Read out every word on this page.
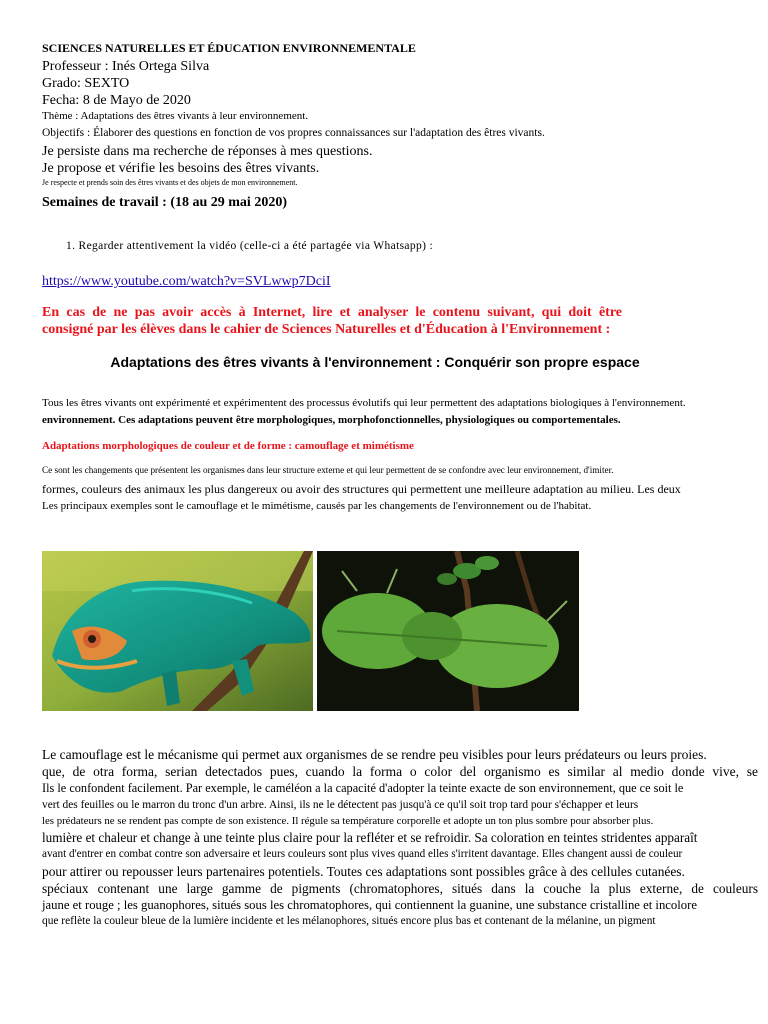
SCIENCES NATURELLES ET ÉDUCATION ENVIRONNEMENTALE
Professeur : Inés Ortega Silva
Grado: SEXTO
Fecha: 8 de Mayo de 2020
Thème : Adaptations des êtres vivants à leur environnement.
Objectifs : Élaborer des questions en fonction de vos propres connaissances sur l'adaptation des êtres vivants.
Je persiste dans ma recherche de réponses à mes questions.
Je propose et vérifie les besoins des êtres vivants.
Je respecte et prends soin des êtres vivants et des objets de mon environnement.
Semaines de travail : (18 au 29 mai 2020)
1. Regarder attentivement la vidéo (celle-ci a été partagée via Whatsapp) :
https://www.youtube.com/watch?v=SVLwwp7DciI
En cas de ne pas avoir accès à Internet, lire et analyser le contenu suivant, qui doit être
consigné par les élèves dans le cahier de Sciences Naturelles et d'Éducation à l'Environnement :
Adaptations des êtres vivants à l'environnement : Conquérir son propre espace
Tous les êtres vivants ont expérimenté et expérimentent des processus évolutifs qui leur permettent des adaptations biologiques à l'environnement.
environnement. Ces adaptations peuvent être morphologiques, morphofonctionnelles, physiologiques ou comportementales.
Adaptations morphologiques de couleur et de forme : camouflage et mimétisme
Ce sont les changements que présentent les organismes dans leur structure externe et qui leur permettent de se confondre avec leur environnement, d'imiter.
formes, couleurs des animaux les plus dangereux ou avoir des structures qui permettent une meilleure adaptation au milieu. Les deux
Les principaux exemples sont le camouflage et le mimétisme, causés par les changements de l'environnement ou de l'habitat.
Le camouflage est le mécanisme qui permet aux organismes de se rendre peu visibles pour leurs prédateurs ou leurs proies.
que, de otra forma, serian detectados pues, cuando la forma o color del organismo es similar al medio donde vive, se
Ils le confondent facilement. Par exemple, le caméléon a la capacité d'adopter la teinte exacte de son environnement, que ce soit le
vert des feuilles ou le marron du tronc d'un arbre. Ainsi, ils ne le détectent pas jusqu'à ce qu'il soit trop tard pour s'échapper et leurs
les prédateurs ne se rendent pas compte de son existence. Il régule sa température corporelle et adopte un ton plus sombre pour absorber plus.
lumière et chaleur et change à une teinte plus claire pour la refléter et se refroidir. Sa coloration en teintes stridentes apparaît
avant d'entrer en combat contre son adversaire et leurs couleurs sont plus vives quand elles s'irritent davantage. Elles changent aussi de couleur
pour attirer ou repousser leurs partenaires potentiels. Toutes ces adaptations sont possibles grâce à des cellules cutanées.
spéciaux contenant une large gamme de pigments (chromatophores, situés dans la couche la plus externe, de couleurs
jaune et rouge ; les guanophores, situés sous les chromatophores, qui contiennent la guanine, une substance cristalline et incolore
que reflète la couleur bleue de la lumière incidente et les mélanophores, situés encore plus bas et contenant de la mélanine, un pigment
